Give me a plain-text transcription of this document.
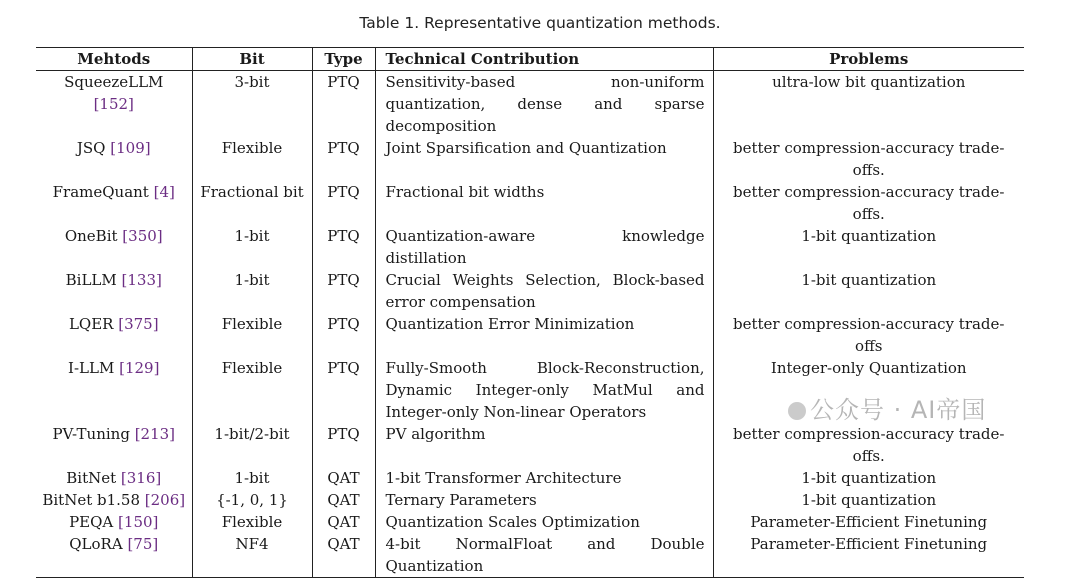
Table 1. Representative quantization methods.
Mehtods	Bit	Type	Technical Contribution	Problems
SqueezeLLM [152]	3-bit	PTQ	Sensitivity-based non-uniform quantization, dense and sparse decomposition	ultra-low bit quantization
JSQ [109]	Flexible	PTQ	Joint Sparsification and Quantization	better compression-accuracy trade-offs.
FrameQuant [4]	Fractional bit	PTQ	Fractional bit widths	better compression-accuracy trade-offs.
OneBit [350]	1-bit	PTQ	Quantization-aware knowledge distillation	1-bit quantization
BiLLM [133]	1-bit	PTQ	Crucial Weights Selection, Block-based error compensation	1-bit quantization
LQER [375]	Flexible	PTQ	Quantization Error Minimization	better compression-accuracy trade-offs
I-LLM [129]	Flexible	PTQ	Fully-Smooth Block-Reconstruction, Dynamic Integer-only MatMul and Integer-only Non-linear Operators	Integer-only Quantization
PV-Tuning [213]	1-bit/2-bit	PTQ	PV algorithm	better compression-accuracy trade-offs.
BitNet [316]	1-bit	QAT	1-bit Transformer Architecture	1-bit quantization
BitNet b1.58 [206]	{-1, 0, 1}	QAT	Ternary Parameters	1-bit quantization
PEQA [150]	Flexible	QAT	Quantization Scales Optimization	Parameter-Efficient Finetuning
QLoRA [75]	NF4	QAT	4-bit NormalFloat and Double Quantization	Parameter-Efficient Finetuning
公众号 · AI帝国
